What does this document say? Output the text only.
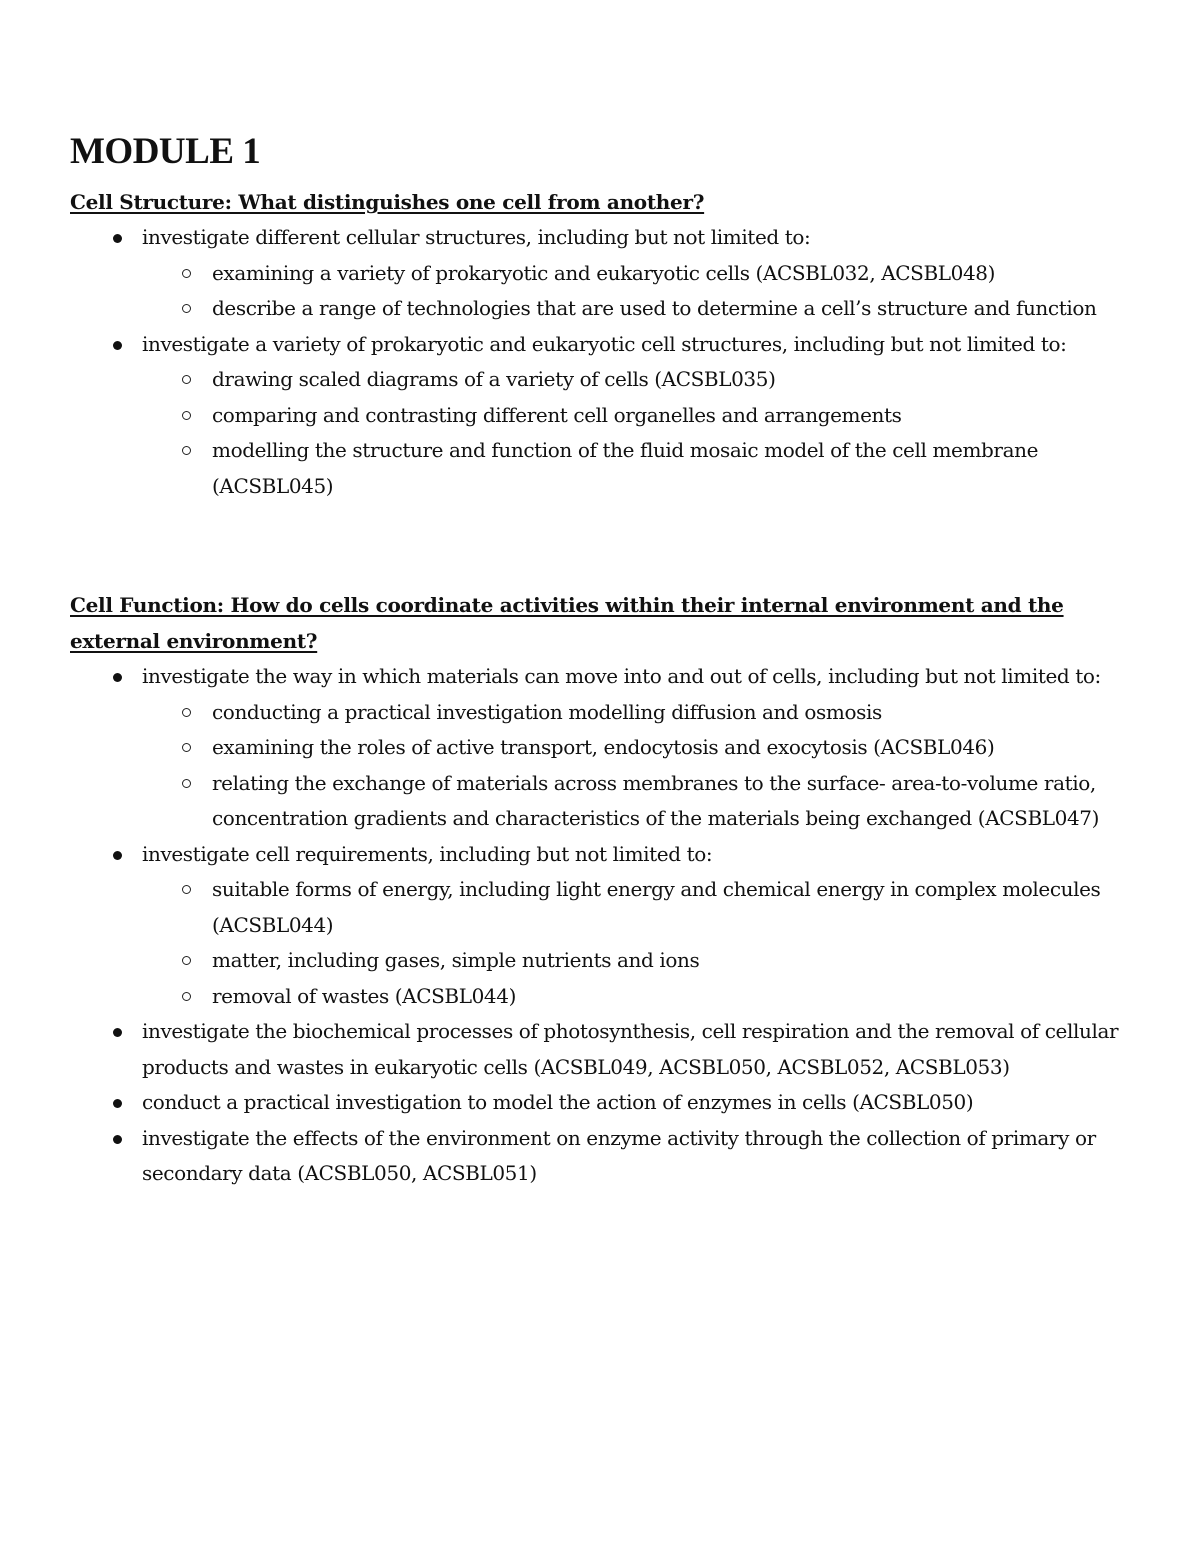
MODULE 1
Cell Structure: What distinguishes one cell from another?
investigate different cellular structures, including but not limited to:
examining a variety of prokaryotic and eukaryotic cells (ACSBL032, ACSBL048)
describe a range of technologies that are used to determine a cell’s structure and function
investigate a variety of prokaryotic and eukaryotic cell structures, including but not limited to:
drawing scaled diagrams of a variety of cells (ACSBL035)
comparing and contrasting different cell organelles and arrangements
modelling the structure and function of the fluid mosaic model of the cell membrane (ACSBL045)
Cell Function: How do cells coordinate activities within their internal environment and the external environment?
investigate the way in which materials can move into and out of cells, including but not limited to:
conducting a practical investigation modelling diffusion and osmosis
examining the roles of active transport, endocytosis and exocytosis (ACSBL046)
relating the exchange of materials across membranes to the surface- area-to-volume ratio, concentration gradients and characteristics of the materials being exchanged (ACSBL047)
investigate cell requirements, including but not limited to:
suitable forms of energy, including light energy and chemical energy in complex molecules (ACSBL044)
matter, including gases, simple nutrients and ions
removal of wastes (ACSBL044)
investigate the biochemical processes of photosynthesis, cell respiration and the removal of cellular products and wastes in eukaryotic cells (ACSBL049, ACSBL050, ACSBL052, ACSBL053)
conduct a practical investigation to model the action of enzymes in cells (ACSBL050)
investigate the effects of the environment on enzyme activity through the collection of primary or secondary data (ACSBL050, ACSBL051)
